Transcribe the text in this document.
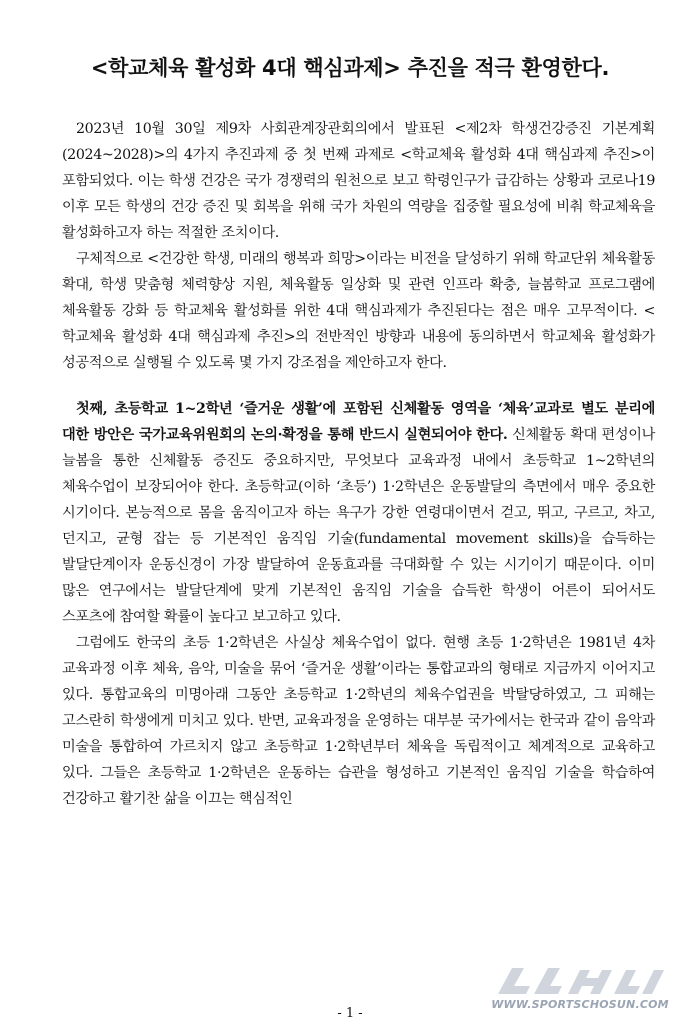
<학교체육 활성화 4대 핵심과제> 추진을 적극 환영한다.

2023년 10월 30일 제9차 사회관계장관회의에서 발표된 <제2차 학생건강증진 기본계획(2024~2028)>의 4가지 추진과제 중 첫 번째 과제로 <학교체육 활성화 4대 핵심과제 추진>이 포함되었다. 이는 학생 건강은 국가 경쟁력의 원천으로 보고 학령인구가 급감하는 상황과 코로나19 이후 모든 학생의 건강 증진 및 회복을 위해 국가 차원의 역량을 집중할 필요성에 비춰 학교체육을 활성화하고자 하는 적절한 조치이다.

구체적으로 <건강한 학생, 미래의 행복과 희망>이라는 비전을 달성하기 위해 학교단위 체육활동 확대, 학생 맞춤형 체력향상 지원, 체육활동 일상화 및 관련 인프라 확충, 늘봄학교 프로그램에 체육활동 강화 등 학교체육 활성화를 위한 4대 핵심과제가 추진된다는 점은 매우 고무적이다. <학교체육 활성화 4대 핵심과제 추진>의 전반적인 방향과 내용에 동의하면서 학교체육 활성화가 성공적으로 실행될 수 있도록 몇 가지 강조점을 제안하고자 한다.

첫째, 초등학교 1~2학년 ‘즐거운 생활’에 포함된 신체활동 영역을 ‘체육’교과로 별도 분리에 대한 방안은 국가교육위원회의 논의·확정을 통해 반드시 실현되어야 한다. 신체활동 확대 편성이나 늘봄을 통한 신체활동 증진도 중요하지만, 무엇보다 교육과정 내에서 초등학교 1~2학년의 체육수업이 보장되어야 한다. 초등학교(이하 ‘초등’) 1·2학년은 운동발달의 측면에서 매우 중요한 시기이다. 본능적으로 몸을 움직이고자 하는 욕구가 강한 연령대이면서 걷고, 뛰고, 구르고, 차고, 던지고, 균형 잡는 등 기본적인 움직임 기술(fundamental movement skills)을 습득하는 발달단계이자 운동신경이 가장 발달하여 운동효과를 극대화할 수 있는 시기이기 때문이다. 이미 많은 연구에서는 발달단계에 맞게 기본적인 움직임 기술을 습득한 학생이 어른이 되어서도 스포츠에 참여할 확률이 높다고 보고하고 있다.

그럼에도 한국의 초등 1·2학년은 사실상 체육수업이 없다. 현행 초등 1·2학년은 1981년 4차 교육과정 이후 체육, 음악, 미술을 묶어 ‘즐거운 생활’이라는 통합교과의 형태로 지금까지 이어지고 있다. 통합교육의 미명아래 그동안 초등학교 1·2학년의 체육수업권을 박탈당하였고, 그 피해는 고스란히 학생에게 미치고 있다. 반면, 교육과정을 운영하는 대부분 국가에서는 한국과 같이 음악과 미술을 통합하여 가르치지 않고 초등학교 1·2학년부터 체육을 독립적이고 체계적으로 교육하고 있다. 그들은 초등학교 1·2학년은 운동하는 습관을 형성하고 기본적인 움직임 기술을 학습하여 건강하고 활기찬 삶을 이끄는 핵심적인

WWW.SPORTSCHOSUN.COM
- 1 -
